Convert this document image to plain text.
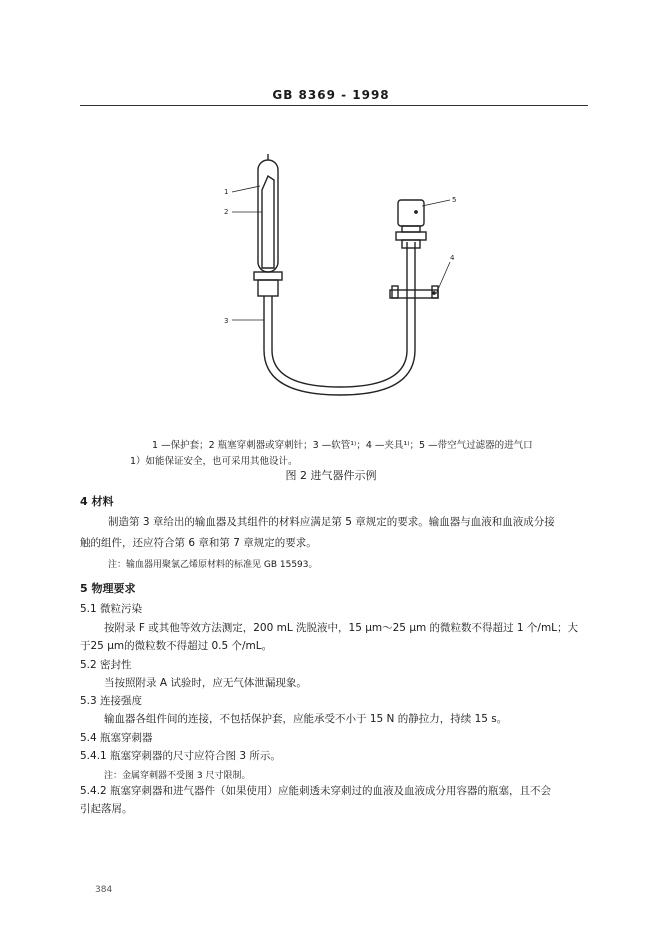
GB 8369 - 1998
1
2
3
4
5
1 —保护套；2 瓶塞穿刺器或穿刺针；3 —软管¹⁾；4 —夹具¹⁾；5 —带空气过滤器的进气口
1）如能保证安全，也可采用其他设计。
图 2 进气器件示例
4 材料
制造第 3 章给出的输血器及其组件的材料应满足第 5 章规定的要求。输血器与血液和血液成分接
触的组件，还应符合第 6 章和第 7 章规定的要求。
注：输血器用聚氯乙烯原材料的标准见 GB 15593。
5 物理要求
5.1 微粒污染
按附录 F 或其他等效方法测定，200 mL 洗脱液中，15 μm～25 μm 的微粒数不得超过 1 个/mL；大
于25 μm的微粒数不得超过 0.5 个/mL。
5.2 密封性
当按照附录 A 试验时，应无气体泄漏现象。
5.3 连接强度
输血器各组件间的连接，不包括保护套，应能承受不小于 15 N 的静拉力，持续 15 s。
5.4 瓶塞穿刺器
5.4.1 瓶塞穿刺器的尺寸应符合图 3 所示。
注：金属穿刺器不受图 3 尺寸限制。
5.4.2 瓶塞穿刺器和进气器件（如果使用）应能刺透未穿刺过的血液及血液成分用容器的瓶塞，且不会
引起落屑。
384
